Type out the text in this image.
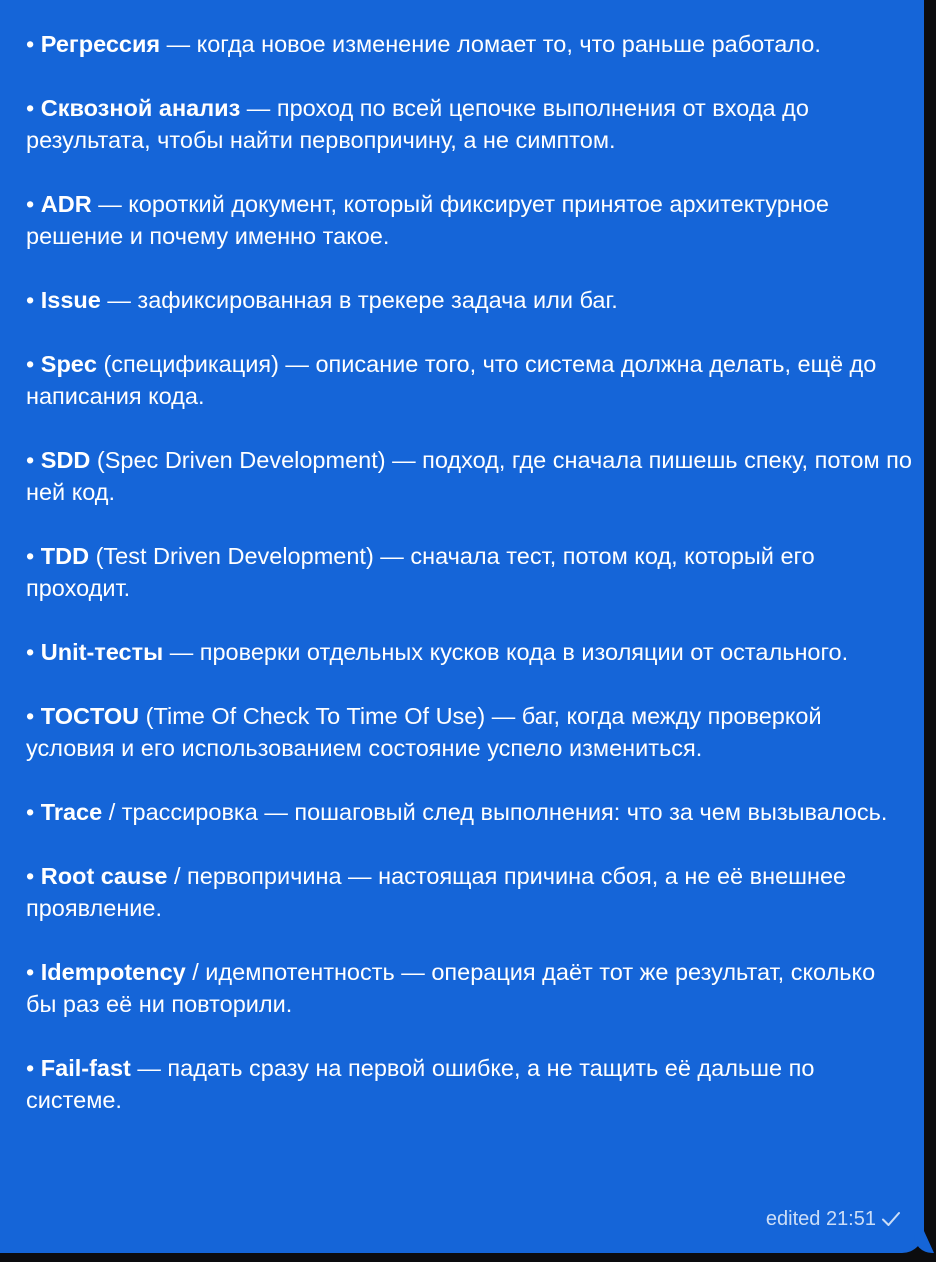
• Регрессия — когда новое изменение ломает то, что раньше работало.
• Сквозной анализ — проход по всей цепочке выполнения от входа до результата, чтобы найти первопричину, а не симптом.
• ADR — короткий документ, который фиксирует принятое архитектурное решение и почему именно такое.
• Issue — зафиксированная в трекере задача или баг.
• Spec (спецификация) — описание того, что система должна делать, ещё до написания кода.
• SDD (Spec Driven Development) — подход, где сначала пишешь спеку, потом по ней код.
• TDD (Test Driven Development) — сначала тест, потом код, который его проходит.
• Unit-тесты — проверки отдельных кусков кода в изоляции от остального.
• TOCTOU (Time Of Check To Time Of Use) — баг, когда между проверкой условия и его использованием состояние успело измениться.
• Trace / трассировка — пошаговый след выполнения: что за чем вызывалось.
• Root cause / первопричина — настоящая причина сбоя, а не её внешнее проявление.
• Idempotency / идемпотентность — операция даёт тот же результат, сколько бы раз её ни повторили.
• Fail-fast — падать сразу на первой ошибке, а не тащить её дальше по системе.
edited 21:51
